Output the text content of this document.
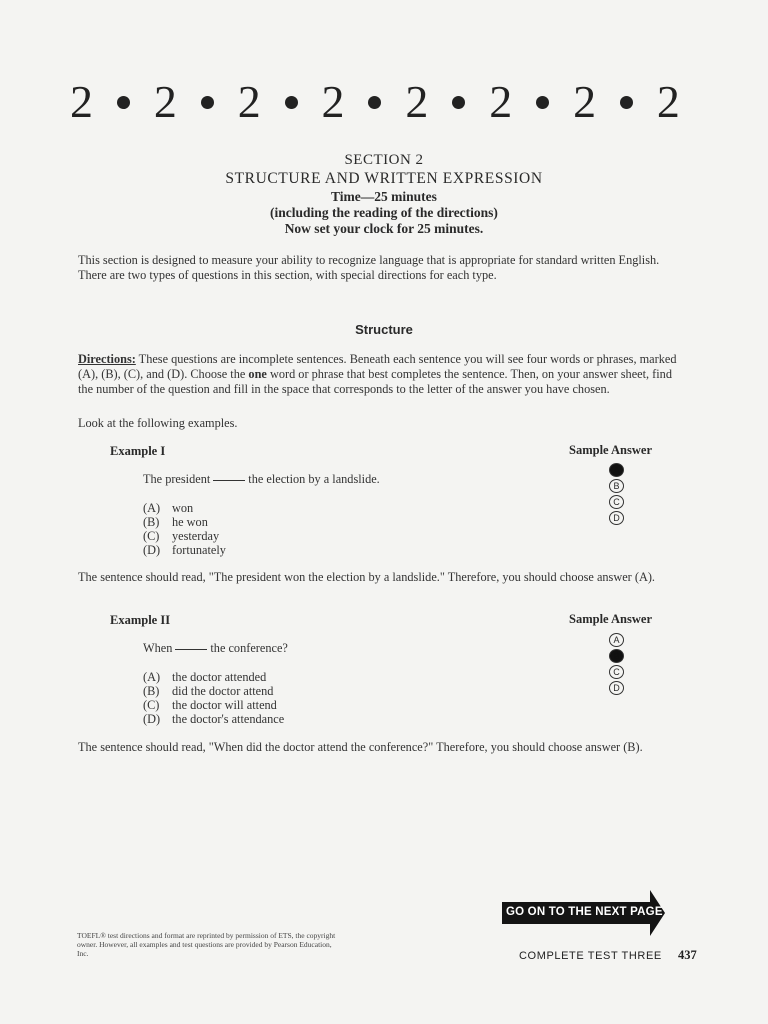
2 2 2 2 2 2 2 2
SECTION 2
STRUCTURE AND WRITTEN EXPRESSION
Time—25 minutes
(including the reading of the directions)
Now set your clock for 25 minutes.
This section is designed to measure your ability to recognize language that is appropriate for standard written English. There are two types of questions in this section, with special directions for each type.
Structure
Directions: These questions are incomplete sentences. Beneath each sentence you will see four words or phrases, marked (A), (B), (C), and (D). Choose the one word or phrase that best completes the sentence. Then, on your answer sheet, find the number of the question and fill in the space that corresponds to the letter of the answer you have chosen.
Look at the following examples.
Example I	Sample Answer
The president	the election by a landslide.
(A) won
(B)	he won
(C)	yesterday
(D) fortunately
A
B
C
D
The sentence should read, "The president won the election by a landslide." Therefore, you should choose answer (A).
Example II	Sample Answer
When	the conference?
(A) the doctor attended
(B)	did the doctor attend
(C)	the doctor will attend
(D) the doctor's attendance
A
B
C
D
The sentence should read, "When did the doctor attend the conference?" Therefore, you should choose answer (B).
GO ON TO THE NEXT PAGE
TOEFL® test directions and format are reprinted by permission of ETS, the copyright owner. However, all examples and test questions are provided by Pearson Education, Inc.	COMPLETE TEST THREE 437
